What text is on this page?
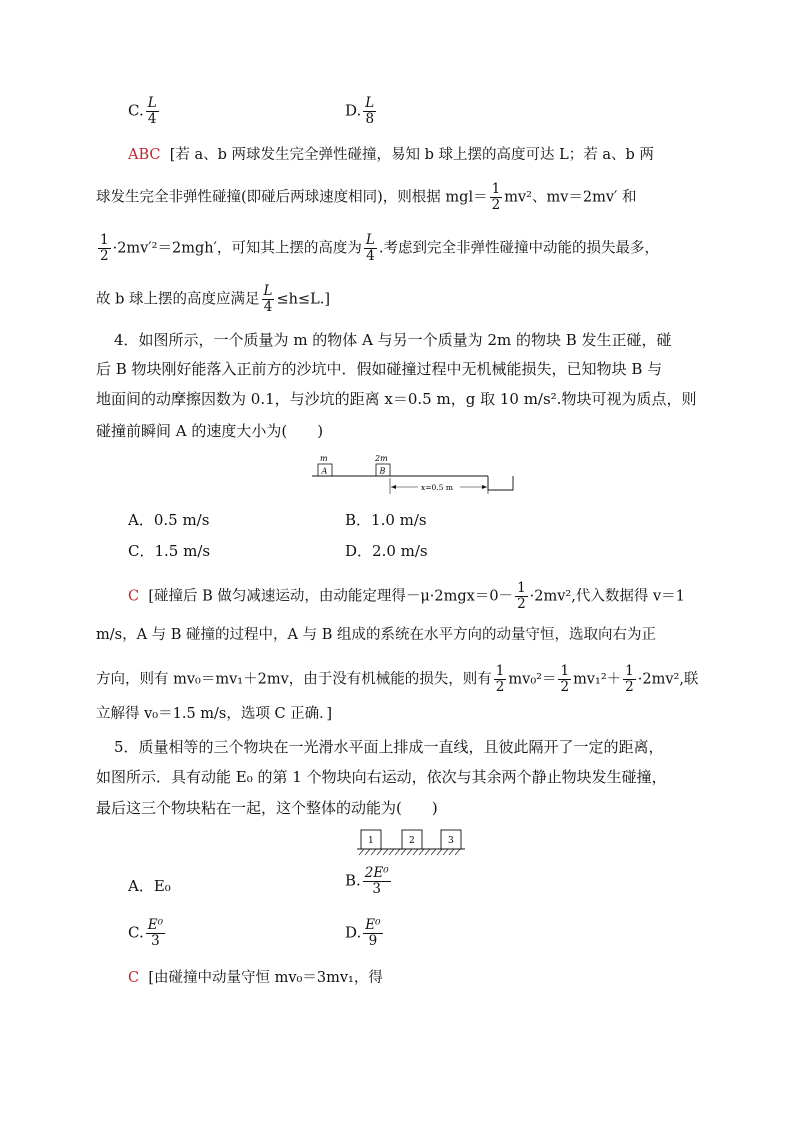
C. $\frac{L}{4}$	D. $\frac{L}{8}$
ABC [若 a、b 两球发生完全弹性碰撞，易知 b 球上摆的高度可达 L；若 a、b 两
球发生完全非弹性碰撞(即碰后两球速度相同)，则根据 $mgl= \frac{1}{2} mv^2$、mv＝2mv′ 和
$\frac{1}{2} \cdot 2mv'^2=2mgh'$，可知其上摆的高度为 $\frac{L}{4}$ .考虑到完全非弹性碰撞中动能的损失最多，
故 b 球上摆的高度应满足 $\frac{L}{4} \le h\le L$.]
4．如图所示，一个质量为 m 的物体 A 与另一个质量为 2m 的物块 B 发生正碰，碰
后 B 物块刚好能落入正前方的沙坑中．假如碰撞过程中无机械能损失，已知物块 B 与
地面间的动摩擦因数为 0.1，与沙坑的距离 x＝0.5 m，g 取 10 m/s².物块可视为质点，则
碰撞前瞬间 A 的速度大小为(　　)
m
A
2m
B
x=0.5 m
A．0.5 m/s	B．1.0 m/s
C．1.5 m/s	D．2.0 m/s
C [碰撞后 B 做匀减速运动，由动能定理得$-\mu\cdot 2mgx=0- \frac{1}{2} \cdot 2mv^2$,代入数据得 v＝1
m/s，A 与 B 碰撞的过程中，A 与 B 组成的系统在水平方向的动量守恒，选取向右为正
方向，则有 mv₀＝mv₁＋2mv，由于没有机械能的损失，则有 $\frac{1}{2} mv_0^2= \frac{1}{2} mv_1^2+ \frac{1}{2} \cdot 2mv^2$,联
立解得 v₀＝1.5 m/s，选项 C 正确．]
5．质量相等的三个物块在一光滑水平面上排成一直线，且彼此隔开了一定的距离，
如图所示．具有动能 E₀ 的第 1 个物块向右运动，依次与其余两个静止物块发生碰撞，
最后这三个物块粘在一起，这个整体的动能为(　　)
1	2	3
A．E₀	B. $\frac{\text{2E⁰}}{3}$
C. $\frac{\text{E⁰}}{3}$	D. $\frac{\text{E⁰}}{9}$
C [由碰撞中动量守恒 mv₀＝3mv₁，得
